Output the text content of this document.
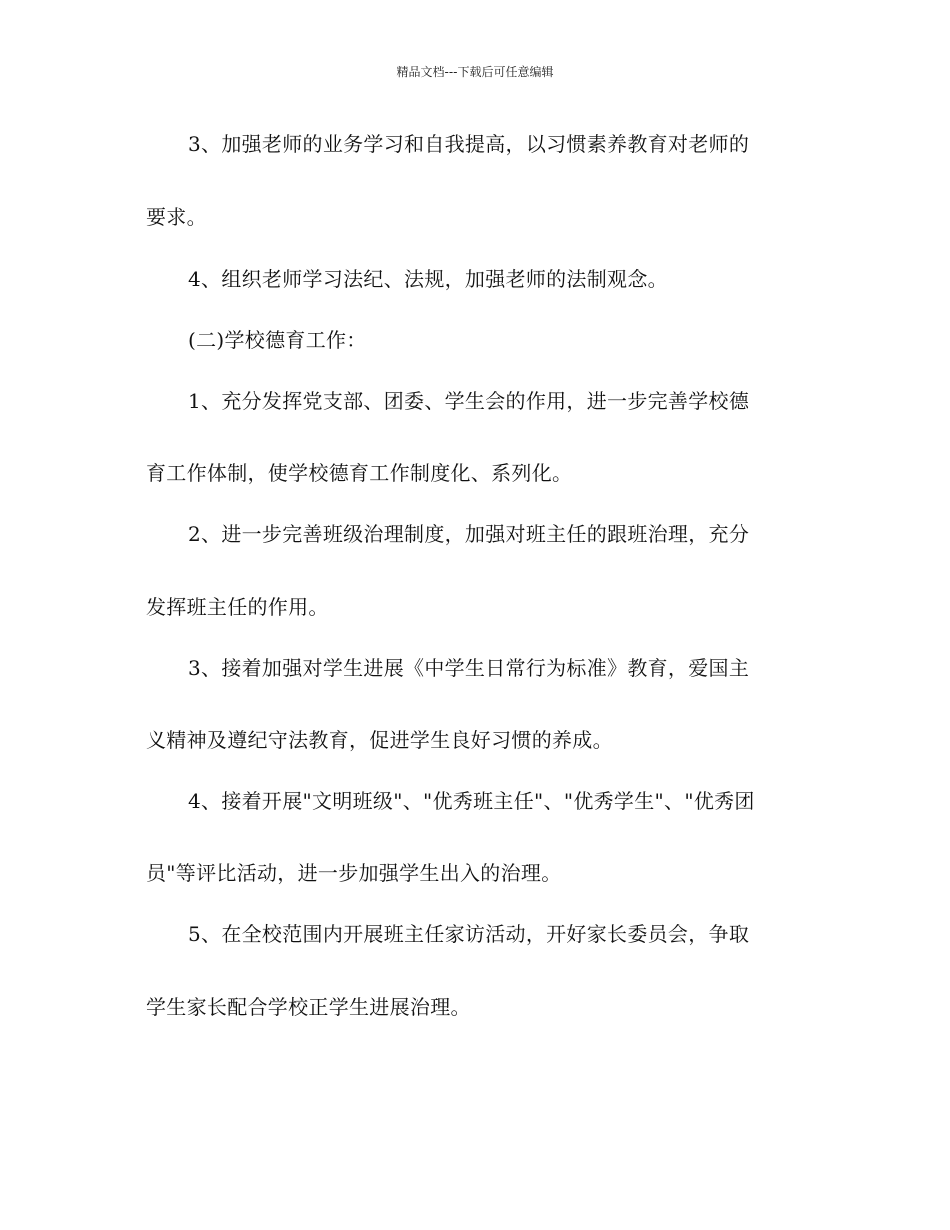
精品文档---下载后可任意编辑
3、加强老师的业务学习和自我提高，以习惯素养教育对老师的
要求。
4、组织老师学习法纪、法规，加强老师的法制观念。
(二)学校德育工作：
1、充分发挥党支部、团委、学生会的作用，进一步完善学校德
育工作体制，使学校德育工作制度化、系列化。
2、进一步完善班级治理制度，加强对班主任的跟班治理，充分
发挥班主任的作用。
3、接着加强对学生进展《中学生日常行为标准》教育，爱国主
义精神及遵纪守法教育，促进学生良好习惯的养成。
4、接着开展"文明班级"、"优秀班主任"、"优秀学生"、"优秀团
员"等评比活动，进一步加强学生出入的治理。
5、在全校范围内开展班主任家访活动，开好家长委员会，争取
学生家长配合学校正学生进展治理。
